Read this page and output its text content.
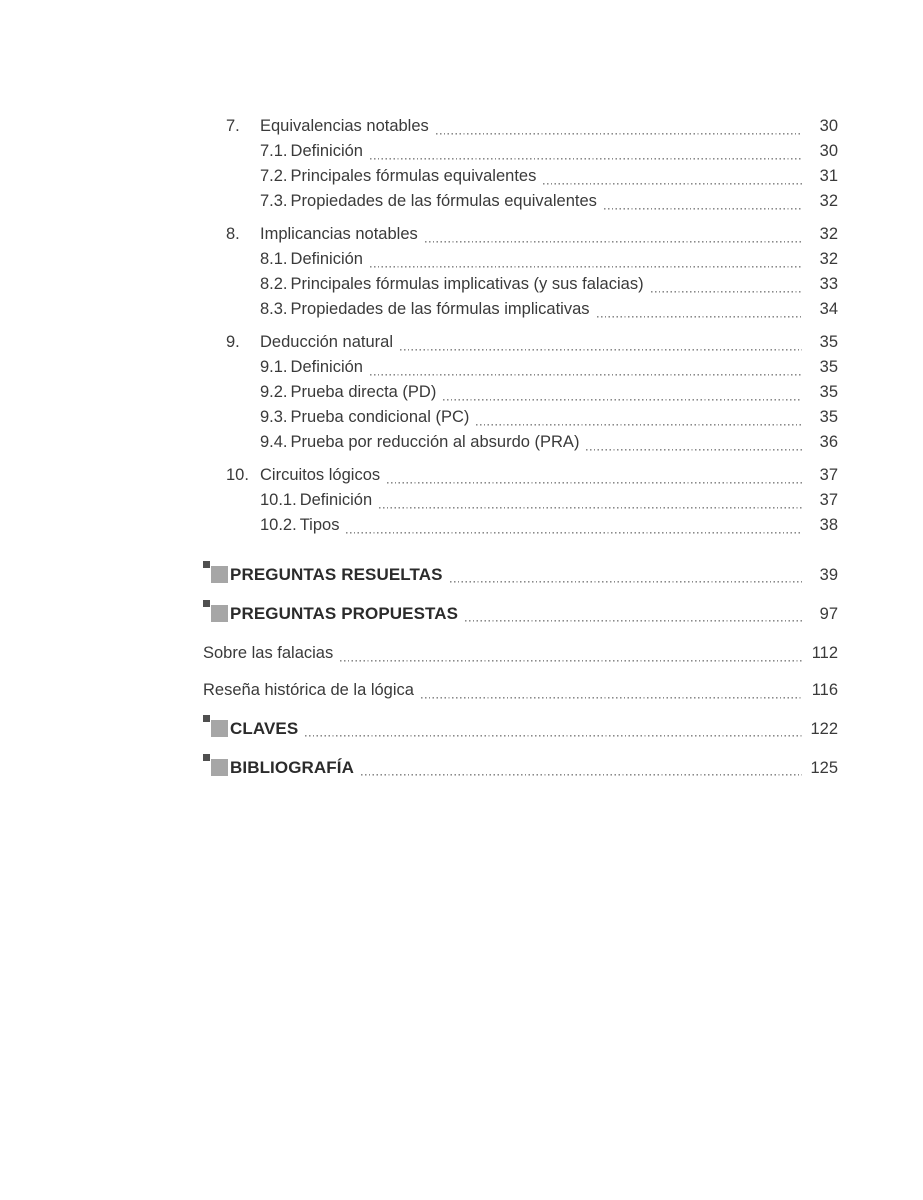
7.	Equivalencias notables	30
7.1. Definición	30
7.2. Principales fórmulas equivalentes	31
7.3. Propiedades de las fórmulas equivalentes	32
8.	Implicancias notables	32
8.1. Definición	32
8.2. Principales fórmulas implicativas (y sus falacias)	33
8.3. Propiedades de las fórmulas implicativas	34
9.	Deducción natural	35
9.1. Definición	35
9.2. Prueba directa (PD)	35
9.3. Prueba condicional (PC)	35
9.4. Prueba por reducción al absurdo (PRA)	36
10. Circuitos lógicos	37
10.1. Definición	37
10.2. Tipos	38
PREGUNTAS RESUELTAS	39
PREGUNTAS PROPUESTAS	97
Sobre las falacias	112
Reseña histórica de la lógica	116
CLAVES	122
BIBLIOGRAFÍA	125
